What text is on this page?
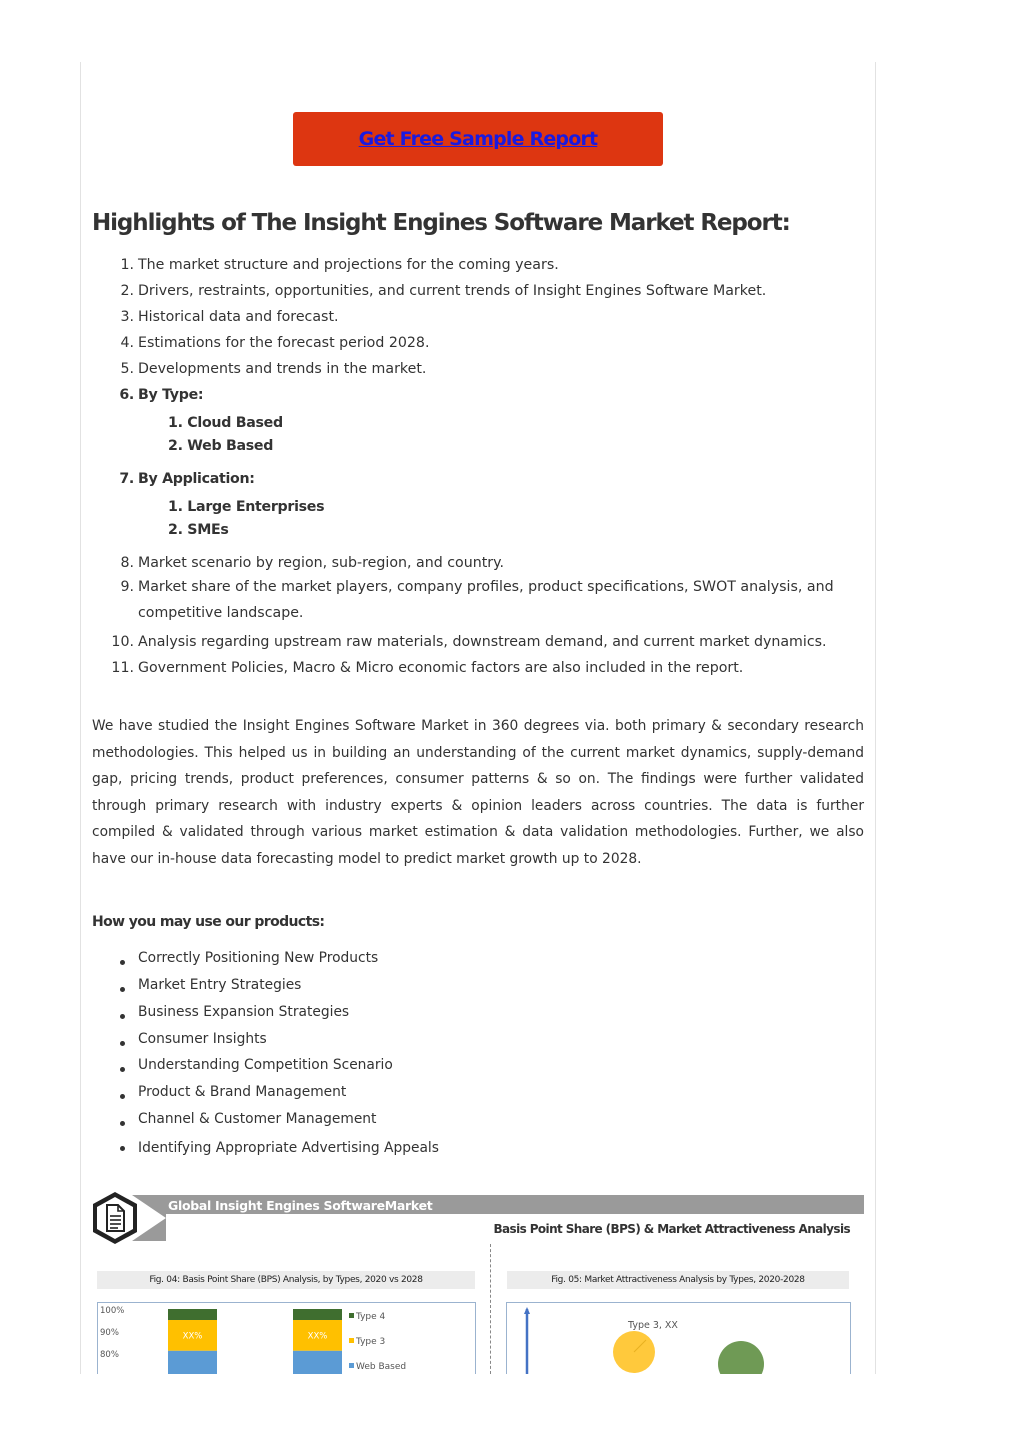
Get Free Sample Report
Highlights of The Insight Engines Software Market Report:
1. The market structure and projections for the coming years.
2. Drivers, restraints, opportunities, and current trends of Insight Engines Software Market.
3. Historical data and forecast.
4. Estimations for the forecast period 2028.
5. Developments and trends in the market.
6. By Type:
1. Cloud Based
2. Web Based
7. By Application:
1. Large Enterprises
2. SMEs
8. Market scenario by region, sub-region, and country.
9. Market share of the market players, company profiles, product specifications, SWOT analysis, and
competitive landscape.
10. Analysis regarding upstream raw materials, downstream demand, and current market dynamics.
11. Government Policies, Macro & Micro economic factors are also included in the report.

We have studied the Insight Engines Software Market in 360 degrees via. both primary & secondary research methodologies. This helped us in building an understanding of the current market dynamics, supply-demand gap, pricing trends, product preferences, consumer patterns & so on. The findings were further validated through primary research with industry experts & opinion leaders across countries. The data is further compiled & validated through various market estimation & data validation methodologies. Further, we also have our in-house data forecasting model to predict market growth up to 2028.

How you may use our products:
Correctly Positioning New Products
Market Entry Strategies
Business Expansion Strategies
Consumer Insights
Understanding Competition Scenario
Product & Brand Management
Channel & Customer Management
Identifying Appropriate Advertising Appeals
Global Insight Engines SoftwareMarket
Basis Point Share (BPS) & Market Attractiveness Analysis
Fig. 04: Basis Point Share (BPS) Analysis, by Types, 2020 vs 2028	Fig. 05: Market Attractiveness Analysis by Types, 2020-2028
100%
90%
80%
XX%	XX%
Type 4
Type 3
Web Based
Type 3, XX
